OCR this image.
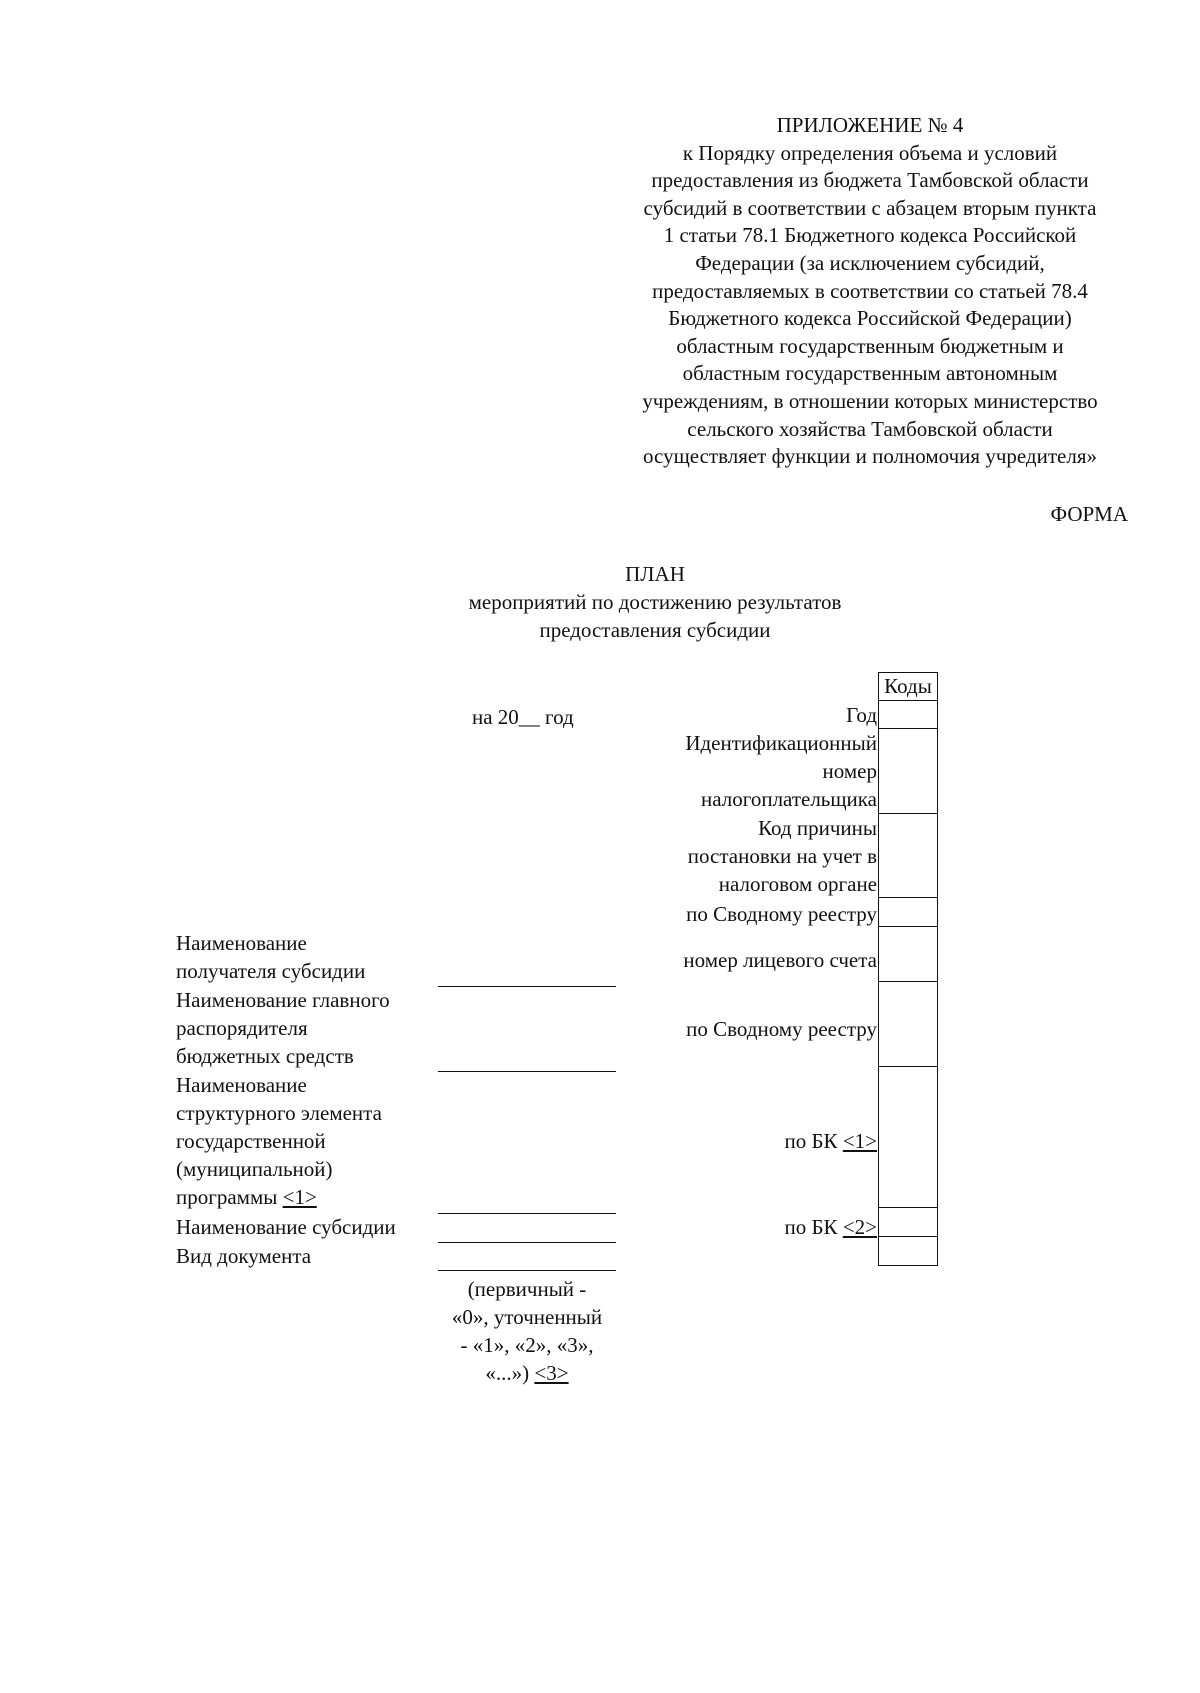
ПРИЛОЖЕНИЕ № 4
к Порядку определения объема и условий
предоставления из бюджета Тамбовской области
субсидий в соответствии с абзацем вторым пункта
1 статьи 78.1 Бюджетного кодекса Российской
Федерации (за исключением субсидий,
предоставляемых в соответствии со статьей 78.4
Бюджетного кодекса Российской Федерации)
областным государственным бюджетным и
областным государственным автономным
учреждениям, в отношении которых министерство
сельского хозяйства Тамбовской области
осуществляет функции и полномочия учредителя»
ФОРМА
ПЛАН
мероприятий по достижению результатов
предоставления субсидии
на 20__ год
Коды
Год
Идентификационный
номер
налогоплательщика
Код причины
постановки на учет в
налоговом органе
по Сводному реестру
номер лицевого счета
по Сводному реестру
по БК <1>
по БК <2>
Наименование
получателя субсидии
Наименование главного
распорядителя
бюджетных средств
Наименование
структурного элемента
государственной
(муниципальной)
программы <1>
Наименование субсидии
Вид документа
(первичный -
«0», уточненный
- «1», «2», «3»,
«...») <3>
